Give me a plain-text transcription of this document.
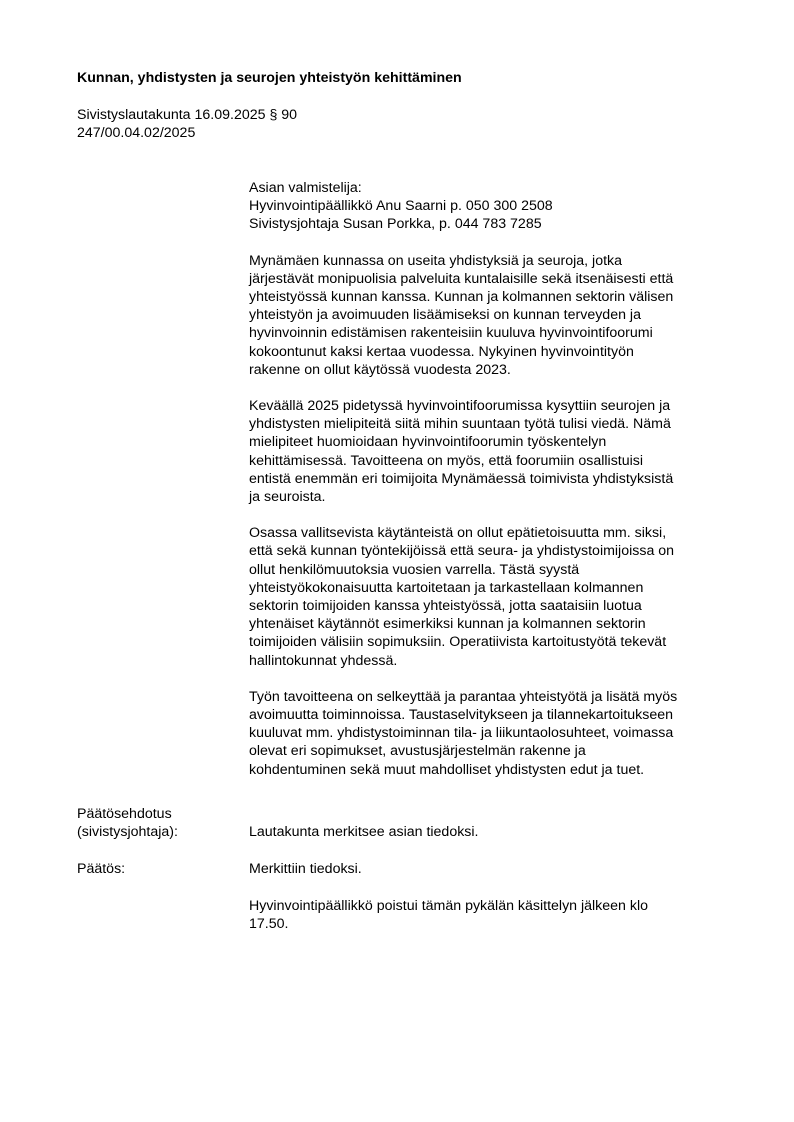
Kunnan, yhdistysten ja seurojen yhteistyön kehittäminen
Sivistyslautakunta 16.09.2025 § 90
247/00.04.02/2025

Asian valmistelija:
Hyvinvointipäällikkö Anu Saarni p. 050 300 2508
Sivistysjohtaja Susan Porkka, p. 044 783 7285

Mynämäen kunnassa on useita yhdistyksiä ja seuroja, jotka
järjestävät monipuolisia palveluita kuntalaisille sekä itsenäisesti että
yhteistyössä kunnan kanssa. Kunnan ja kolmannen sektorin välisen
yhteistyön ja avoimuuden lisäämiseksi on kunnan terveyden ja
hyvinvoinnin edistämisen rakenteisiin kuuluva hyvinvointifoorumi
kokoontunut kaksi kertaa vuodessa. Nykyinen hyvinvointityön
rakenne on ollut käytössä vuodesta 2023.

Keväällä 2025 pidetyssä hyvinvointifoorumissa kysyttiin seurojen ja
yhdistysten mielipiteitä siitä mihin suuntaan työtä tulisi viedä. Nämä
mielipiteet huomioidaan hyvinvointifoorumin työskentelyn
kehittämisessä. Tavoitteena on myös, että foorumiin osallistuisi
entistä enemmän eri toimijoita Mynämäessä toimivista yhdistyksistä
ja seuroista.

Osassa vallitsevista käytänteistä on ollut epätietoisuutta mm. siksi,
että sekä kunnan työntekijöissä että seura- ja yhdistystoimijoissa on
ollut henkilömuutoksia vuosien varrella. Tästä syystä
yhteistyökokonaisuutta kartoitetaan ja tarkastellaan kolmannen
sektorin toimijoiden kanssa yhteistyössä, jotta saataisiin luotua
yhtenäiset käytännöt esimerkiksi kunnan ja kolmannen sektorin
toimijoiden välisiin sopimuksiin. Operatiivista kartoitustyötä tekevät
hallintokunnat yhdessä.

Työn tavoitteena on selkeyttää ja parantaa yhteistyötä ja lisätä myös
avoimuutta toiminnoissa. Taustaselvitykseen ja tilannekartoitukseen
kuuluvat mm. yhdistystoiminnan tila- ja liikuntaolosuhteet, voimassa
olevat eri sopimukset, avustusjärjestelmän rakenne ja
kohdentuminen sekä muut mahdolliset yhdistysten edut ja tuet.

Päätösehdotus
(sivistysjohtaja):	Lautakunta merkitsee asian tiedoksi.
Päätös:	Merkittiin tiedoksi.
Hyvinvointipäällikkö poistui tämän pykälän käsittelyn jälkeen klo
17.50.
